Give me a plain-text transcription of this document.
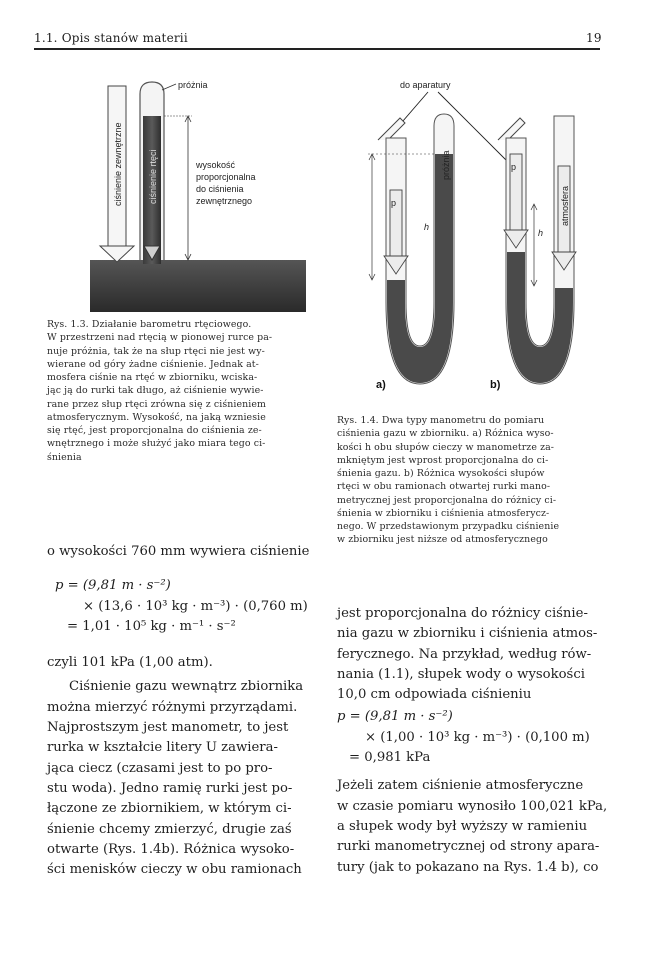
1.1. Opis stanów materii	19
ciśnienie zewnętrzne	ciśnienie rtęci
próżnia
wysokość
proporcjonalna
do ciśnienia
zewnętrznego
Rys. 1.3. Działanie barometru rtęciowego.
W przestrzeni nad rtęcią w pionowej rurce pa-
nuje próżnia, tak że na słup rtęci nie jest wy-
wierane od góry żadne ciśnienie. Jednak at-
mosfera ciśnie na rtęć w zbiorniku, wciska-
jąc ją do rurki tak długo, aż ciśnienie wywie-
rane przez słup rtęci zrówna się z ciśnieniem
atmosferycznym. Wysokość, na jaką wzniesie
się rtęć, jest proporcjonalna do ciśnienia ze-
wnętrznego i może służyć jako miara tego ci-
śnienia
do aparatury
p
h
próżnia
a)
p
atmosfera
h
b)
Rys. 1.4. Dwa typy manometru do pomiaru
ciśnienia gazu w zbiorniku. a) Różnica wyso-
kości h obu słupów cieczy w manometrze za-
mkniętym jest wprost proporcjonalna do ci-
śnienia gazu. b) Różnica wysokości słupów
rtęci w obu ramionach otwartej rurki mano-
metrycznej jest proporcjonalna do różnicy ci-
śnienia w zbiorniku i ciśnienia atmosferycz-
nego. W przedstawionym przypadku ciśnienie
w zbiorniku jest niższe od atmosferycznego
o wysokości 760 mm wywiera ciśnienie
p = (9,81 m · s⁻²)
× (13,6 · 10³ kg · m⁻³) · (0,760 m)
= 1,01 · 10⁵ kg · m⁻¹ · s⁻²
czyli 101 kPa (1,00 atm).
Ciśnienie gazu wewnątrz zbiornika
można mierzyć różnymi przyrządami.
Najprostszym jest manometr, to jest
rurka w kształcie litery U zawiera-
jąca ciecz (czasami jest to po pro-
stu woda). Jedno ramię rurki jest po-
łączone ze zbiornikiem, w którym ci-
śnienie chcemy zmierzyć, drugie zaś
otwarte (Rys. 1.4b). Różnica wysoko-
ści menisków cieczy w obu ramionach
jest proporcjonalna do różnicy ciśnie-
nia gazu w zbiorniku i ciśnienia atmos-
ferycznego. Na przykład, według rów-
nania (1.1), słupek wody o wysokości
10,0 cm odpowiada ciśnieniu
p = (9,81 m · s⁻²)
× (1,00 · 10³ kg · m⁻³) · (0,100 m)
= 0,981 kPa
Jeżeli zatem ciśnienie atmosferyczne
w czasie pomiaru wynosiło 100,021 kPa,
a słupek wody był wyższy w ramieniu
rurki manometrycznej od strony apara-
tury (jak to pokazano na Rys. 1.4 b), co
